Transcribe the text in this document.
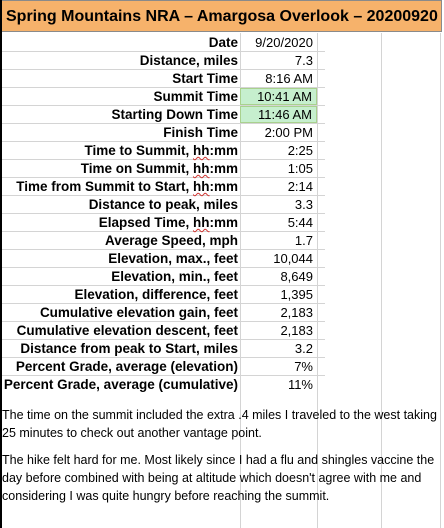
Spring Mountains NRA – Amargosa Overlook – 20200920
Date	9/20/2020
Distance, miles	7.3
Start Time	8:16 AM
Summit Time	10:41 AM
Starting Down Time	11:46 AM
Finish Time	2:00 PM
Time to Summit, hh:mm	2:25
Time on Summit, hh:mm	1:05
Time from Summit to Start, hh:mm	2:14
Distance to peak, miles	3.3
Elapsed Time, hh:mm	5:44
Average Speed, mph	1.7
Elevation, max., feet	10,044
Elevation, min., feet	8,649
Elevation, difference, feet	1,395
Cumulative elevation gain, feet	2,183
Cumulative elevation descent, feet	2,183
Distance from peak to Start, miles	3.2
Percent Grade, average (elevation)	7%
Percent Grade, average (cumulative)	11%

The time on the summit included the extra .4 miles I traveled to the west taking 25 minutes to check out another vantage point.

The hike felt hard for me. Most likely since I had a flu and shingles vaccine the day before combined with being at altitude which doesn't agree with me and considering I was quite hungry before reaching the summit.
